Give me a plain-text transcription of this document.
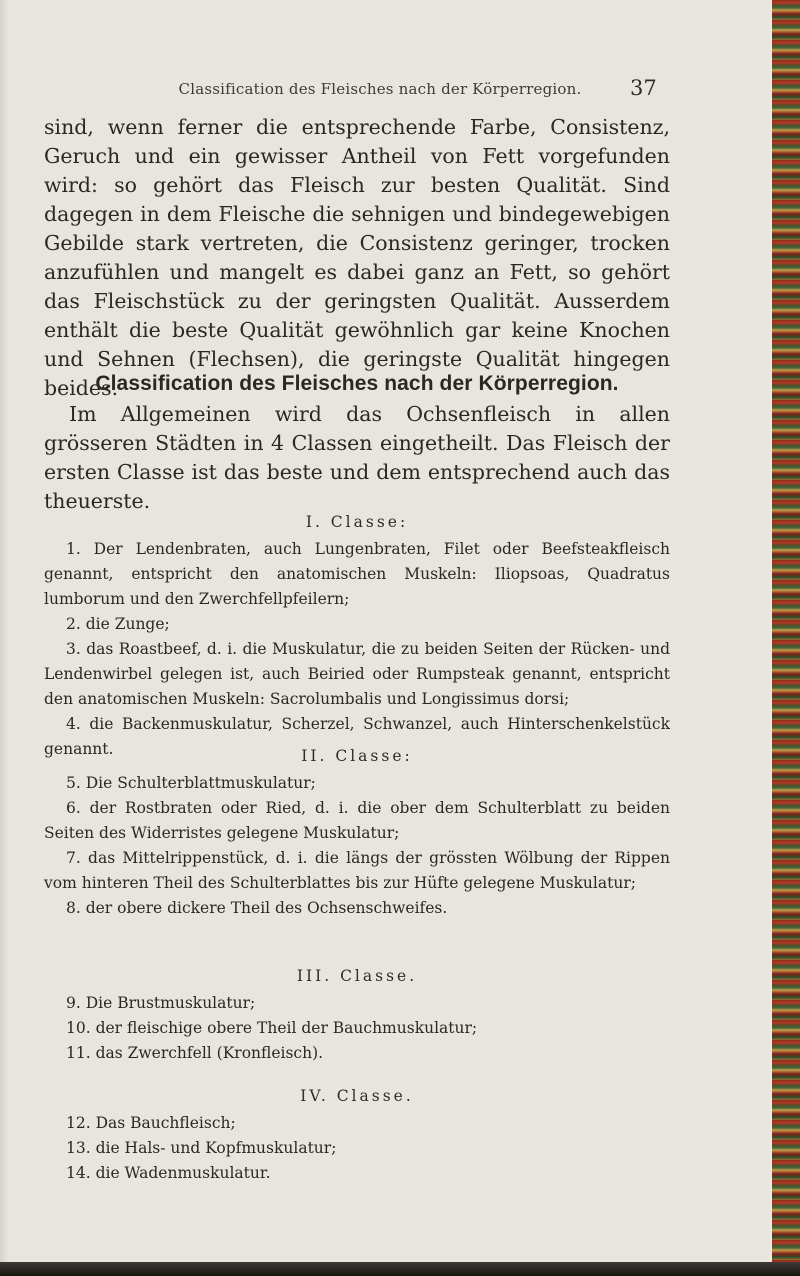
Classification des Fleisches nach der Körperregion.	37
sind, wenn ferner die entsprechende Farbe, Consistenz, Geruch und ein gewisser Antheil von Fett vorgefunden wird: so gehört das Fleisch zur besten Qualität. Sind dagegen in dem Fleische die sehnigen und bindegewebigen Gebilde stark vertreten, die Consistenz geringer, trocken anzufühlen und mangelt es dabei ganz an Fett, so gehört das Fleischstück zu der geringsten Qualität. Ausserdem enthält die beste Qualität gewöhnlich gar keine Knochen und Sehnen (Flechsen), die geringste Qualität hingegen beides.
Classification des Fleisches nach der Körperregion.
Im Allgemeinen wird das Ochsenfleisch in allen grösseren Städten in 4 Classen eingetheilt. Das Fleisch der ersten Classe ist das beste und dem entsprechend auch das theuerste.
I. Classe:
1. Der Lendenbraten, auch Lungenbraten, Filet oder Beefsteakfleisch genannt, entspricht den anatomischen Muskeln: Iliopsoas, Quadratus lumborum und den Zwerchfellpfeilern;
2. die Zunge;
3. das Roastbeef, d. i. die Muskulatur, die zu beiden Seiten der Rücken- und Lendenwirbel gelegen ist, auch Beiried oder Rumpsteak genannt, entspricht den anatomischen Muskeln: Sacrolumbalis und Longissimus dorsi;
4. die Backenmuskulatur, Scherzel, Schwanzel, auch Hinterschenkelstück genannt.	II. Classe:
5. Die Schulterblattmuskulatur;
6. der Rostbraten oder Ried, d. i. die ober dem Schulterblatt zu beiden Seiten des Widerristes gelegene Muskulatur;
7. das Mittelrippenstück, d. i. die längs der grössten Wölbung der Rippen vom hinteren Theil des Schulterblattes bis zur Hüfte gelegene Muskulatur;
8. der obere dickere Theil des Ochsenschweifes.
III. Classe.
9. Die Brustmuskulatur;
10. der fleischige obere Theil der Bauchmuskulatur;
11. das Zwerchfell (Kronfleisch).
IV. Classe.
12. Das Bauchfleisch;
13. die Hals- und Kopfmuskulatur;
14. die Wadenmuskulatur.
